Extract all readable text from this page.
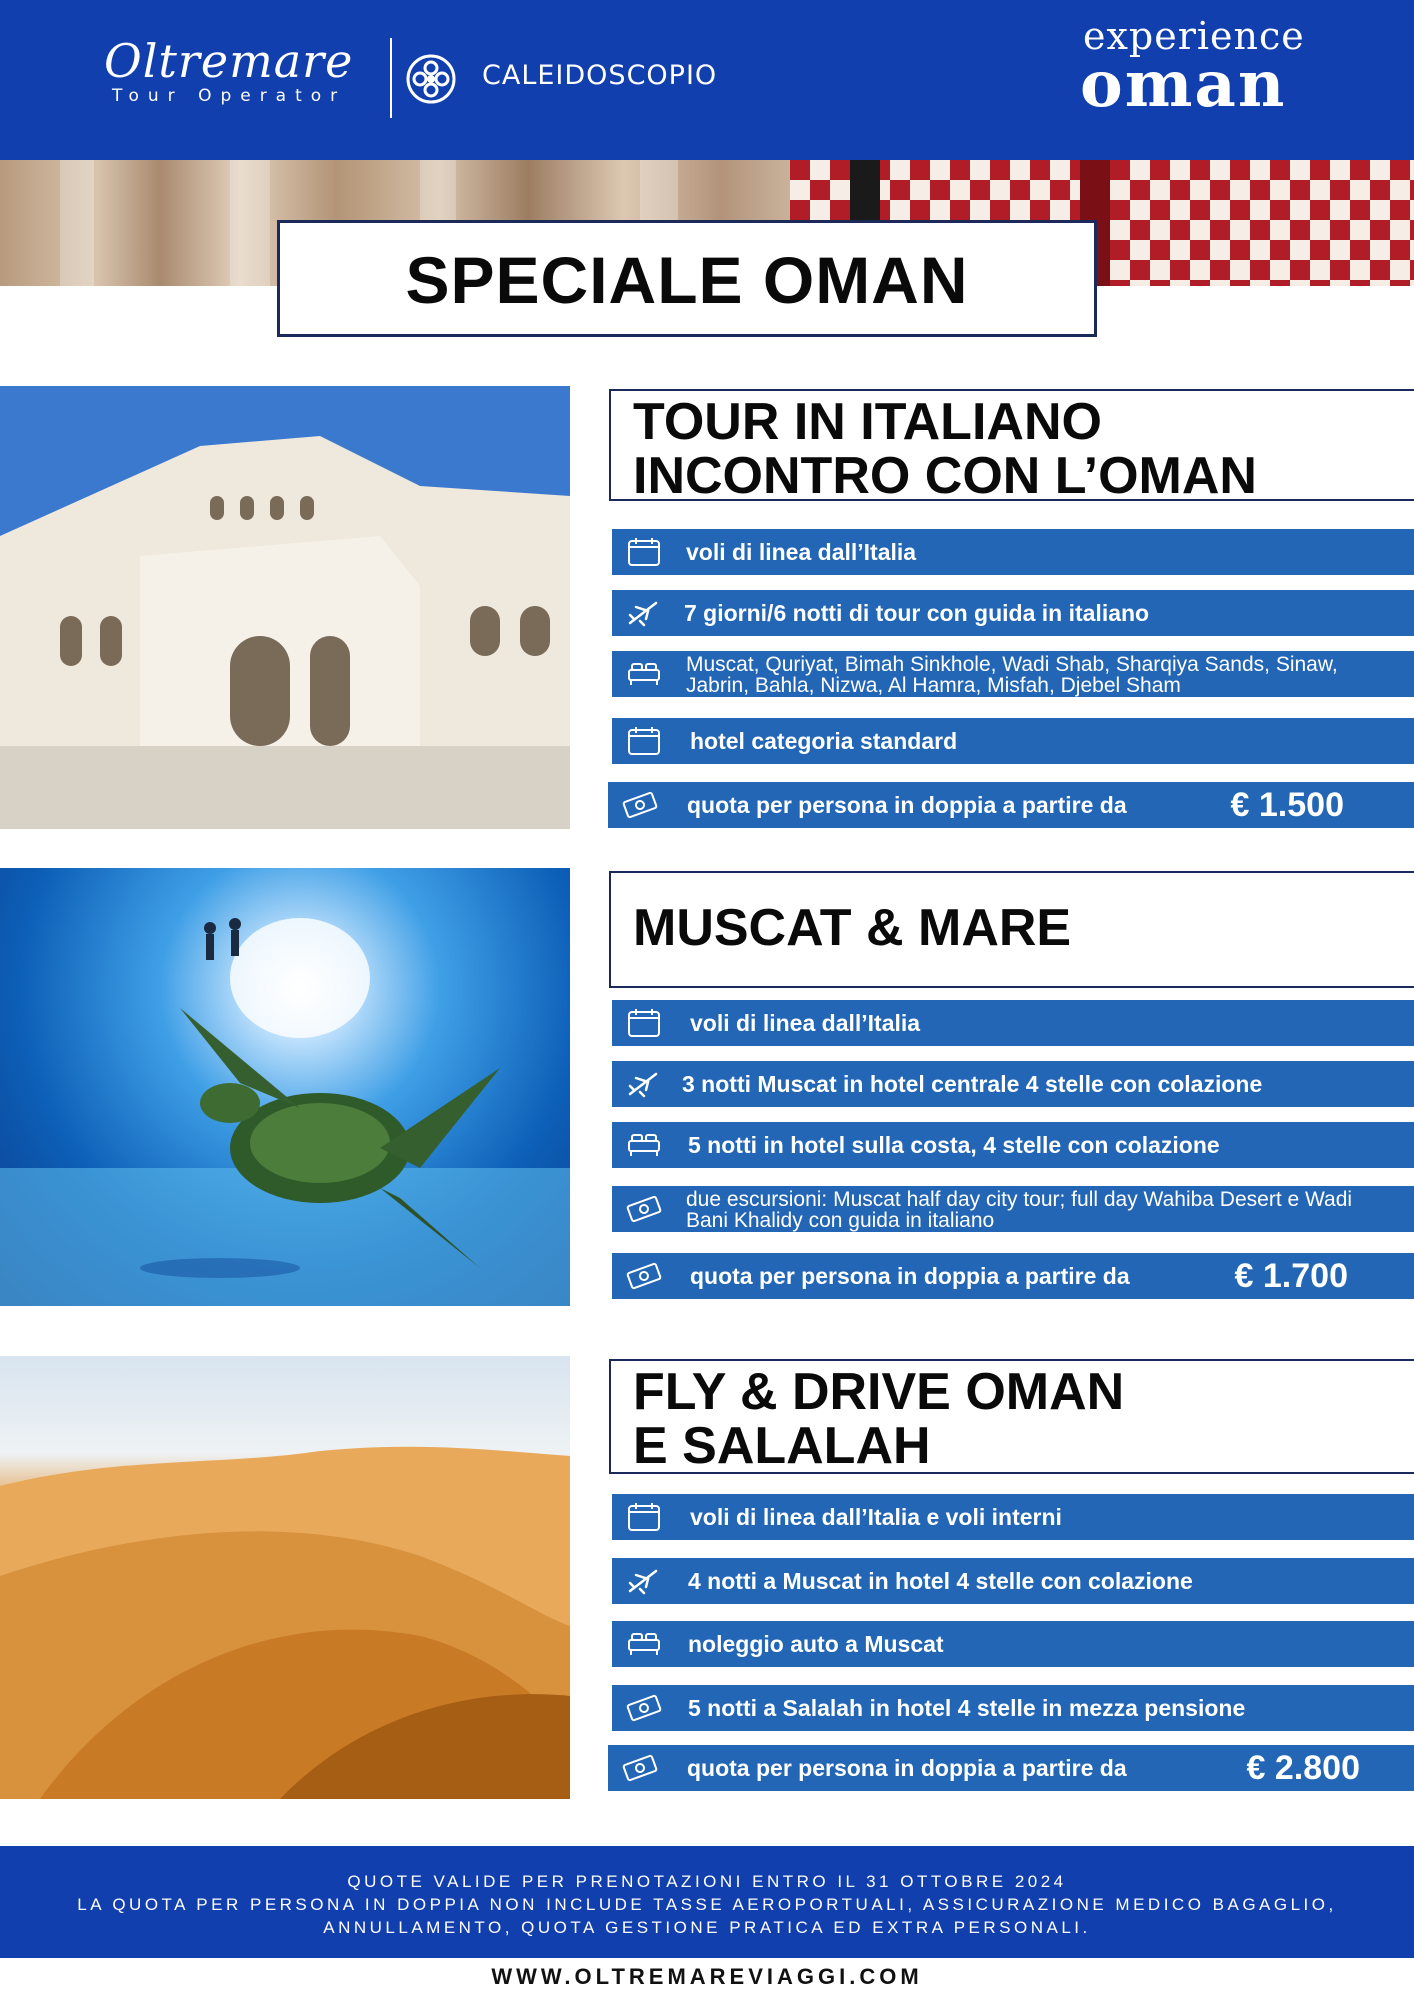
Oltremare
Tour Operator
CALEIDOSCOPIO
experience
oman
SPECIALE OMAN
TOUR IN ITALIANO
INCONTRO CON L’OMAN
voli di linea dall’Italia
7 giorni/6 notti di tour con guida in italiano
Muscat, Quriyat, Bimah Sinkhole, Wadi Shab, Sharqiya Sands, Sinaw, Jabrin, Bahla, Nizwa, Al Hamra, Misfah, Djebel Sham
hotel categoria standard
quota per persona in doppia a partire da	€ 1.500
MUSCAT & MARE
voli di linea dall’Italia
3 notti Muscat in hotel centrale 4 stelle con colazione
5 notti in hotel sulla costa, 4 stelle con colazione
due escursioni: Muscat half day city tour; full day Wahiba Desert e Wadi Bani Khalidy con guida in italiano
quota per persona in doppia a partire da	€ 1.700
FLY & DRIVE OMAN
E SALALAH
voli di linea dall’Italia e voli interni
4 notti a Muscat in hotel 4 stelle con colazione
noleggio auto a Muscat
5 notti a Salalah in hotel 4 stelle in mezza pensione
quota per persona in doppia a partire da	€ 2.800
QUOTE VALIDE PER PRENOTAZIONI ENTRO IL 31 OTTOBRE 2024
LA QUOTA PER PERSONA IN DOPPIA NON INCLUDE TASSE AEROPORTUALI, ASSICURAZIONE MEDICO BAGAGLIO,
ANNULLAMENTO, QUOTA GESTIONE PRATICA ED EXTRA PERSONALI.
WWW.OLTREMAREVIAGGI.COM
